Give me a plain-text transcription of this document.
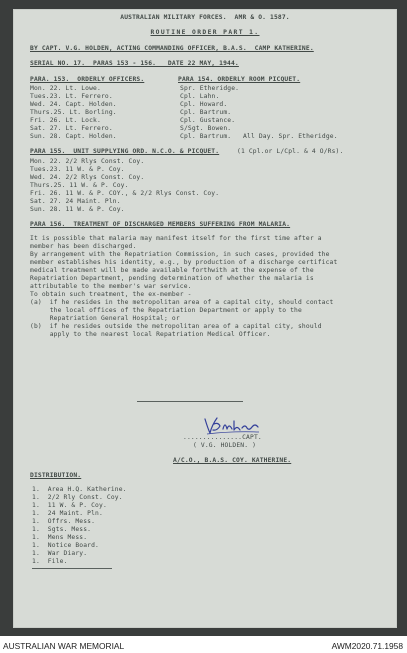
AUSTRALIAN MILITARY FORCES.  AMR & O. 1587.
ROUTINE ORDER PART 1.
BY CAPT. V.G. HOLDEN, ACTING COMMANDING OFFICER, B.A.S.  CAMP KATHERINE.
SERIAL NO. 17.  PARAS 153 - 156.   DATE 22 MAY, 1944.
PARA. 153.  ORDERLY OFFICERS.
Mon. 22. Lt. Lowe.
Tues.23. Lt. Ferrero.
Wed. 24. Capt. Holden.
Thurs.25. Lt. Borling.
Fri. 26. Lt. Lock.
Sat. 27. Lt. Ferrero.
Sun. 28. Capt. Holden.
PARA 154. ORDERLY ROOM PICQUET.
Spr. Etheridge.
Cpl. Lahn.
Cpl. Howard.
Cpl. Bartrum.
Cpl. Gustance.
S/Sgt. Bowen.
Cpl. Bartrum.   All Day. Spr. Etheridge.
PARA 155.  UNIT SUPPLYING ORD. N.C.O. & PICQUET.	(1 Cpl.or L/Cpl. & 4 O/Rs).
Mon. 22. 2/2 Rlys Const. Coy.
Tues.23. 11 W. & P. Coy.
Wed. 24. 2/2 Rlys Const. Coy.
Thurs.25. 11 W. & P. Coy.
Fri. 26. 11 W. & P. COY., & 2/2 Rlys Const. Coy.
Sat. 27. 24 Maint. Pln.
Sun. 28. 11 W. & P. Coy.
PARA 156.  TREATMENT OF DISCHARGED MEMBERS SUFFERING FROM MALARIA.
It is possible that malaria may manifest itself for the first time after a
member has been discharged.
By arrangement with the Repatriation Commission, in such cases, provided the
member establishes his identity, e.g., by production of a discharge certificat
medical treatment will be made available forthwith at the expense of the
Repatriation Department, pending determination of whether the malaria is
attributable to the member's war service.
To obtain such treatment, the ex-member -
(a)  if he resides in the metropolitan area of a capital city, should contact
the local offices of the Repatriation Department or apply to the
Repatriation General Hospital; or
(b)  if he resides outside the metropolitan area of a capital city, should
apply to the nearest local Repatriation Medical Officer.
...............CAPT.
( V.G. HOLDEN. )
A/C.O., B.A.S. COY. KATHERINE.
DISTRIBUTION.
1.  Area H.Q. Katherine.
1.  2/2 Rly Const. Coy.
1.  11 W. & P. Coy.
1.  24 Maint. Pln.
1.  Offrs. Mess.
1.  Sgts. Mess.
1.  Mens Mess.
1.  Notice Board.
1.  War Diary.
1.  File.
AUSTRALIAN WAR MEMORIAL	AWM2020.71.1958
